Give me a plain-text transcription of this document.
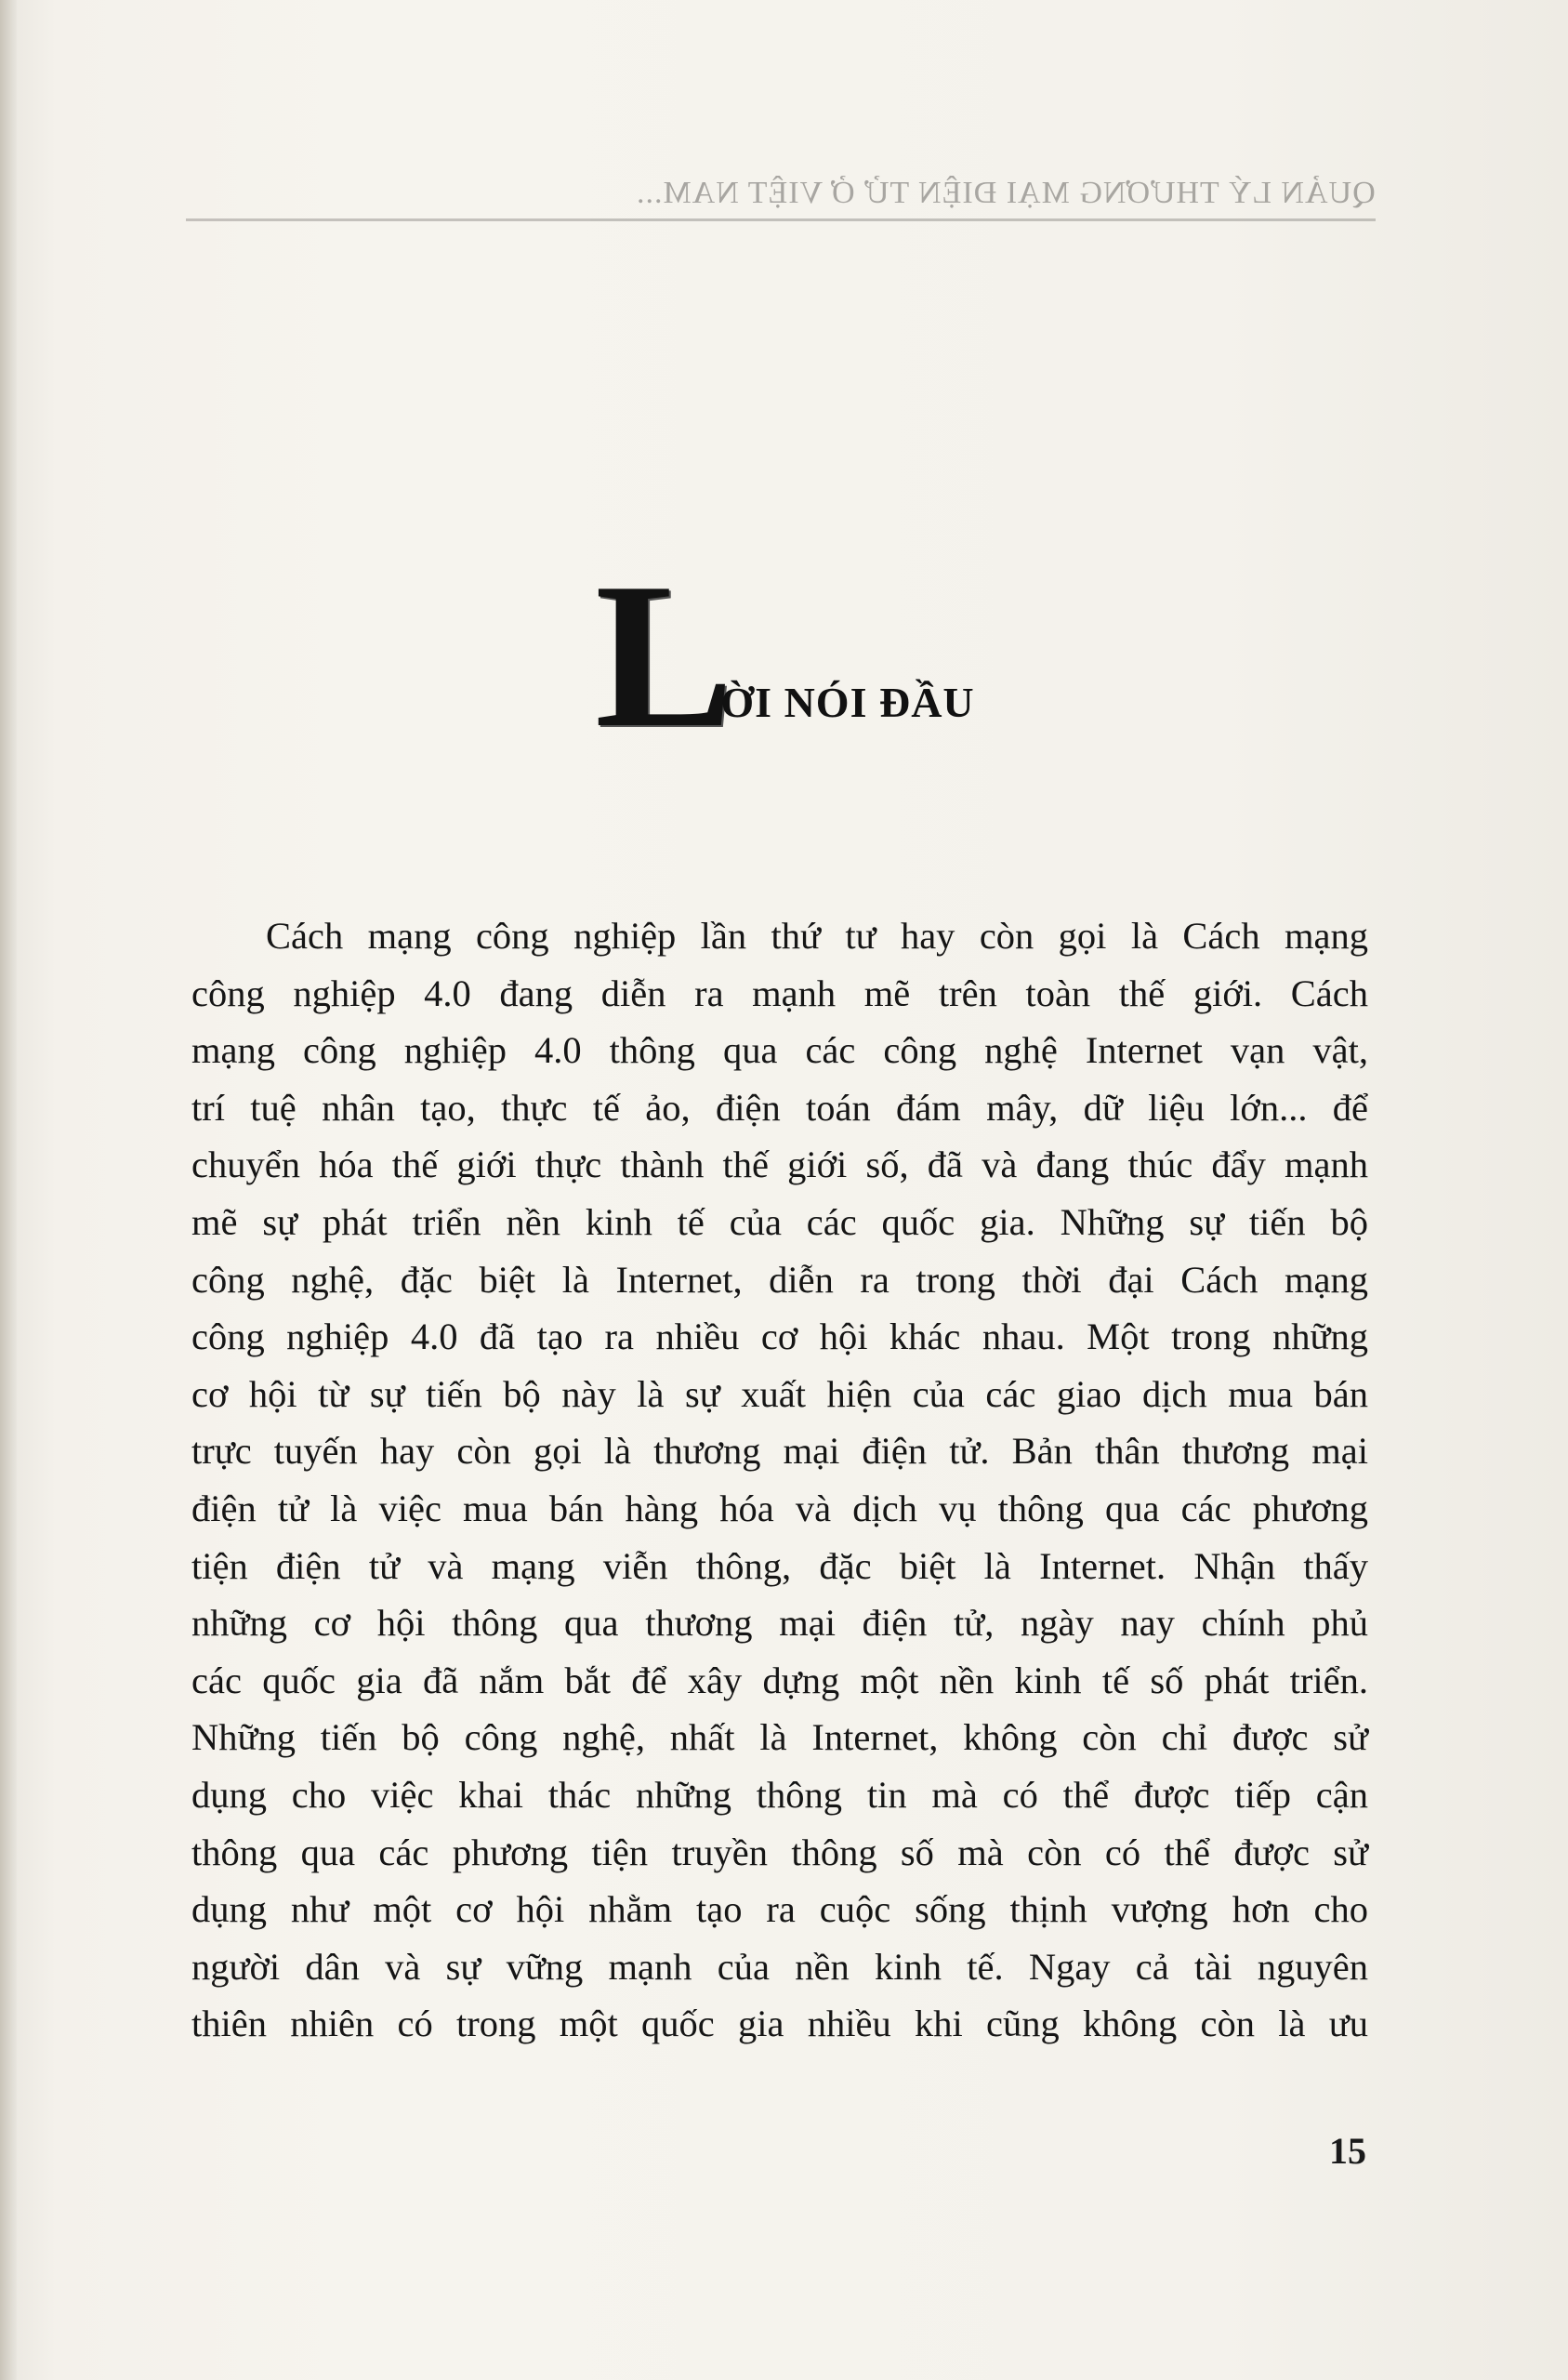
QUẢN LÝ THƯƠNG MẠI ĐIỆN TỬ Ở VIỆT NAM...
L
ỜI NÓI ĐẦU
Cách mạng công nghiệp lần thứ tư hay còn gọi là Cách mạng
công nghiệp 4.0 đang diễn ra mạnh mẽ trên toàn thế giới. Cách
mạng công nghiệp 4.0 thông qua các công nghệ Internet vạn vật,
trí tuệ nhân tạo, thực tế ảo, điện toán đám mây, dữ liệu lớn... để
chuyển hóa thế giới thực thành thế giới số, đã và đang thúc đẩy mạnh
mẽ sự phát triển nền kinh tế của các quốc gia. Những sự tiến bộ
công nghệ, đặc biệt là Internet, diễn ra trong thời đại Cách mạng
công nghiệp 4.0 đã tạo ra nhiều cơ hội khác nhau. Một trong những
cơ hội từ sự tiến bộ này là sự xuất hiện của các giao dịch mua bán
trực tuyến hay còn gọi là thương mại điện tử. Bản thân thương mại
điện tử là việc mua bán hàng hóa và dịch vụ thông qua các phương
tiện điện tử và mạng viễn thông, đặc biệt là Internet. Nhận thấy
những cơ hội thông qua thương mại điện tử, ngày nay chính phủ
các quốc gia đã nắm bắt để xây dựng một nền kinh tế số phát triển.
Những tiến bộ công nghệ, nhất là Internet, không còn chỉ được sử
dụng cho việc khai thác những thông tin mà có thể được tiếp cận
thông qua các phương tiện truyền thông số mà còn có thể được sử
dụng như một cơ hội nhằm tạo ra cuộc sống thịnh vượng hơn cho
người dân và sự vững mạnh của nền kinh tế. Ngay cả tài nguyên
thiên nhiên có trong một quốc gia nhiều khi cũng không còn là ưu
15
